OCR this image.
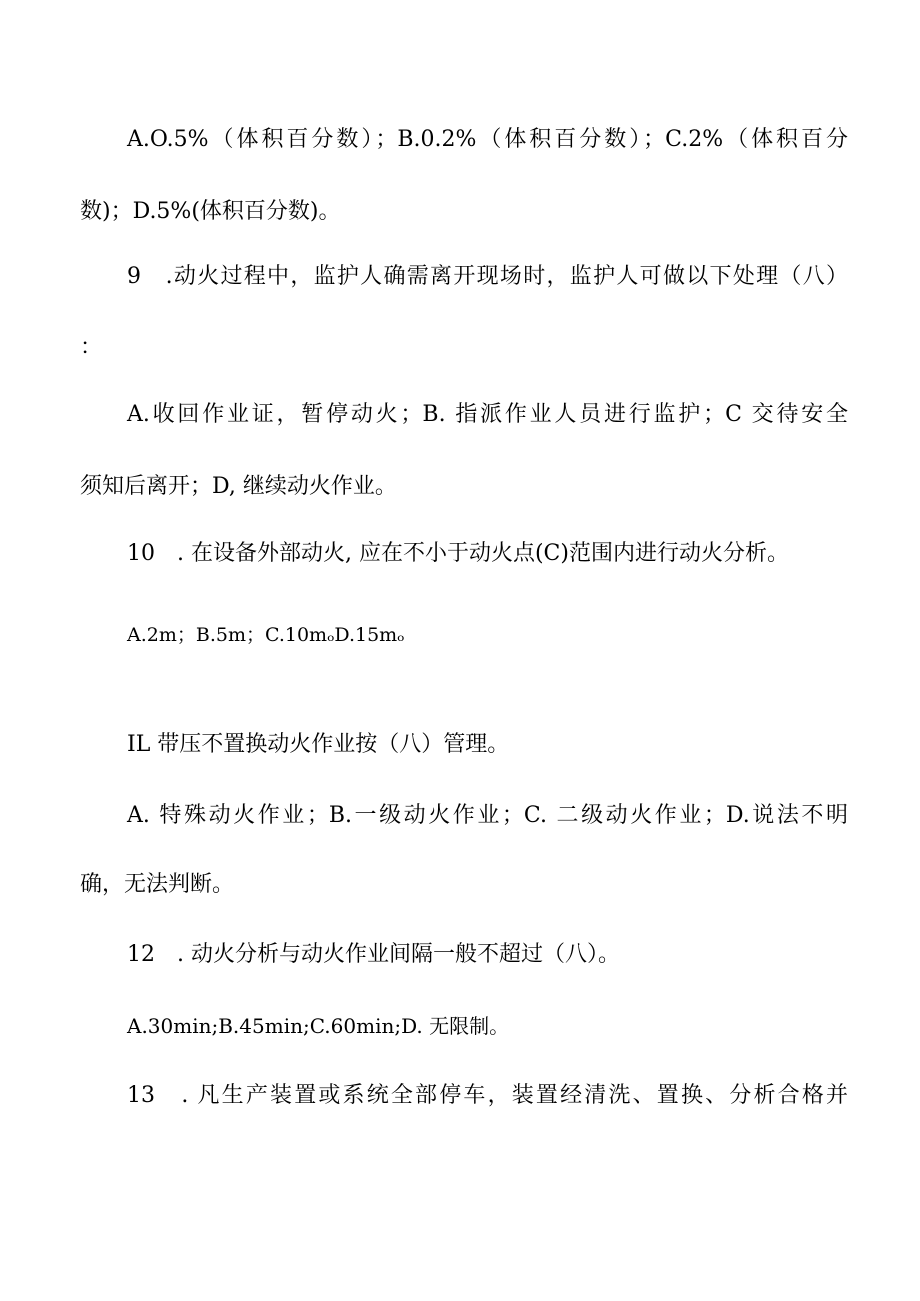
A.O.5%（体积百分数）；B.0.2%（体积百分数）；C.2%（体积百分
数)；D.5%(体积百分数)。
9　.动火过程中，监护人确需离开现场时，监护人可做以下处理（八）
：
A.收回作业证，暂停动火；B. 指派作业人员进行监护；C 交待安全
须知后离开；D, 继续动火作业。
10　. 在设备外部动火, 应在不小于动火点(C)范围内进行动火分析。
A.2m；B.5m；C.10mₒD.15mₒ
IL 带压不置换动火作业按（八）管理。
A. 特殊动火作业；B.一级动火作业；C. 二级动火作业；D.说法不明
确，无法判断。
12　. 动火分析与动火作业间隔一般不超过（八）。
A.30min;B.45min;C.60min;D. 无限制。
13　. 凡生产装置或系统全部停车，装置经清洗、置换、分析合格并
